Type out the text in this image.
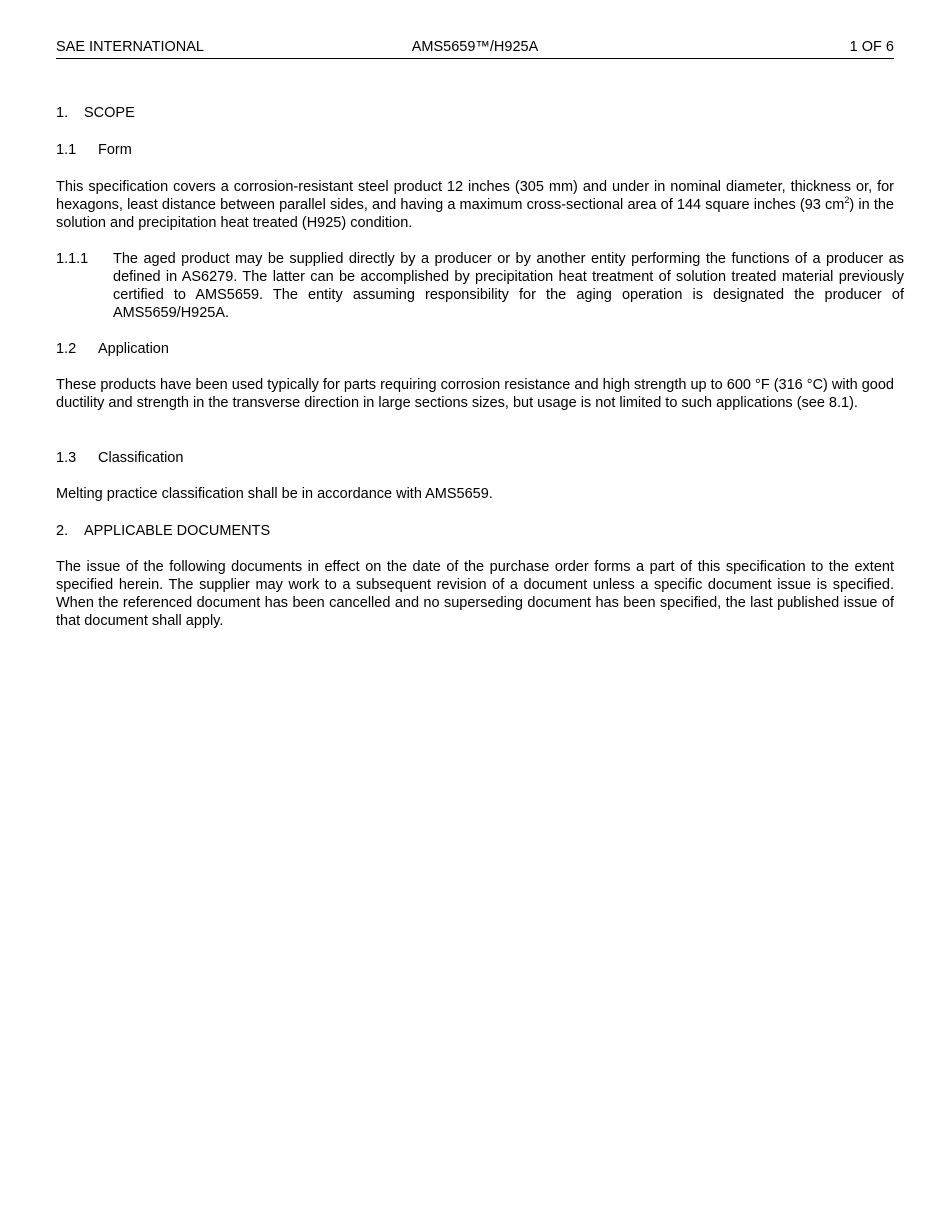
SAE INTERNATIONAL	AMS5659™/H925A	1 OF 6
1. SCOPE
1.1 Form
This specification covers a corrosion-resistant steel product 12 inches (305 mm) and under in nominal diameter, thickness or, for hexagons, least distance between parallel sides, and having a maximum cross-sectional area of 144 square inches (93 $cm^2$) in the solution and precipitation heat treated (H925) condition.
1.1.1 The aged product may be supplied directly by a producer or by another entity performing the functions of a producer as defined in AS6279. The latter can be accomplished by precipitation heat treatment of solution treated material previously certified to AMS5659. The entity assuming responsibility for the aging operation is designated the producer of AMS5659/H925A.
1.2 Application
These products have been used typically for parts requiring corrosion resistance and high strength up to 600 °F (316 °C) with good ductility and strength in the transverse direction in large sections sizes, but usage is not limited to such applications (see 8.1).
1.3 Classification
Melting practice classification shall be in accordance with AMS5659.
2. APPLICABLE DOCUMENTS
The issue of the following documents in effect on the date of the purchase order forms a part of this specification to the extent specified herein. The supplier may work to a subsequent revision of a document unless a specific document issue is specified. When the referenced document has been cancelled and no superseding document has been specified, the last published issue of that document shall apply.
